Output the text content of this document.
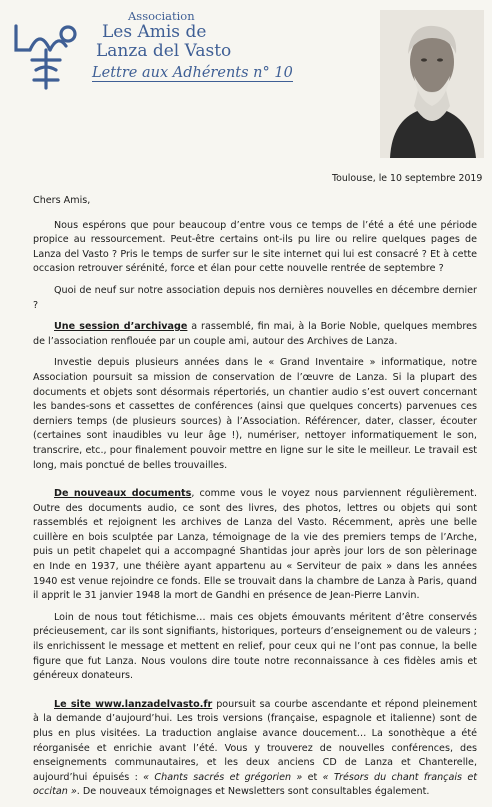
Association
Les Amis de
Lanza del Vasto
Lettre aux Adhérents n° 10
Toulouse, le 10 septembre 2019

Chers Amis,

Nous espérons que pour beaucoup d’entre vous ce temps de l’été a été une période propice au ressourcement. Peut-être certains ont-ils pu lire ou relire quelques pages de Lanza del Vasto ? Pris le temps de surfer sur le site internet qui lui est consacré ? Et à cette occasion retrouver sérénité, force et élan pour cette nouvelle rentrée de septembre ?

Quoi de neuf sur notre association depuis nos dernières nouvelles en décembre dernier ?

Une session d’archivage a rassemblé, fin mai, à la Borie Noble, quelques membres de l’association renflouée par un couple ami, autour des Archives de Lanza.

Investie depuis plusieurs années dans le « Grand Inventaire » informatique, notre Association poursuit sa mission de conservation de l’œuvre de Lanza. Si la plupart des documents et objets sont désormais répertoriés, un chantier audio s’est ouvert concernant les bandes-sons et cassettes de conférences (ainsi que quelques concerts) parvenues ces derniers temps (de plusieurs sources) à l’Association. Référencer, dater, classer, écouter (certaines sont inaudibles vu leur âge !), numériser, nettoyer informatiquement le son, transcrire, etc., pour finalement pouvoir mettre en ligne sur le site le meilleur. Le travail est long, mais ponctué de belles trouvailles.

De nouveaux documents, comme vous le voyez nous parviennent régulièrement. Outre des documents audio, ce sont des livres, des photos, lettres ou objets qui sont rassemblés et rejoignent les archives de Lanza del Vasto. Récemment, après une belle cuillère en bois sculptée par Lanza, témoignage de la vie des premiers temps de l’Arche, puis un petit chapelet qui a accompagné Shantidas jour après jour lors de son pèlerinage en Inde en 1937, une théière ayant appartenu au « Serviteur de paix » dans les années 1940 est venue rejoindre ce fonds. Elle se trouvait dans la chambre de Lanza à Paris, quand il apprit le 31 janvier 1948 la mort de Gandhi en présence de Jean-Pierre Lanvin.

Loin de nous tout fétichisme… mais ces objets émouvants méritent d’être conservés précieusement, car ils sont signifiants, historiques, porteurs d’enseignement ou de valeurs ; ils enrichissent le message et mettent en relief, pour ceux qui ne l’ont pas connue, la belle figure que fut Lanza. Nous voulons dire toute notre reconnaissance à ces fidèles amis et généreux donateurs.

Le site www.lanzadelvasto.fr poursuit sa courbe ascendante et répond pleinement à la demande d’aujourd’hui. Les trois versions (française, espagnole et italienne) sont de plus en plus visitées. La traduction anglaise avance doucement… La sonothèque a été réorganisée et enrichie avant l’été. Vous y trouverez de nouvelles conférences, des enseignements communautaires, et les deux anciens CD de Lanza et Chanterelle, aujourd’hui épuisés : « Chants sacrés et grégorien » et « Trésors du chant français et occitan ». De nouveaux témoignages et Newsletters sont consultables également.
